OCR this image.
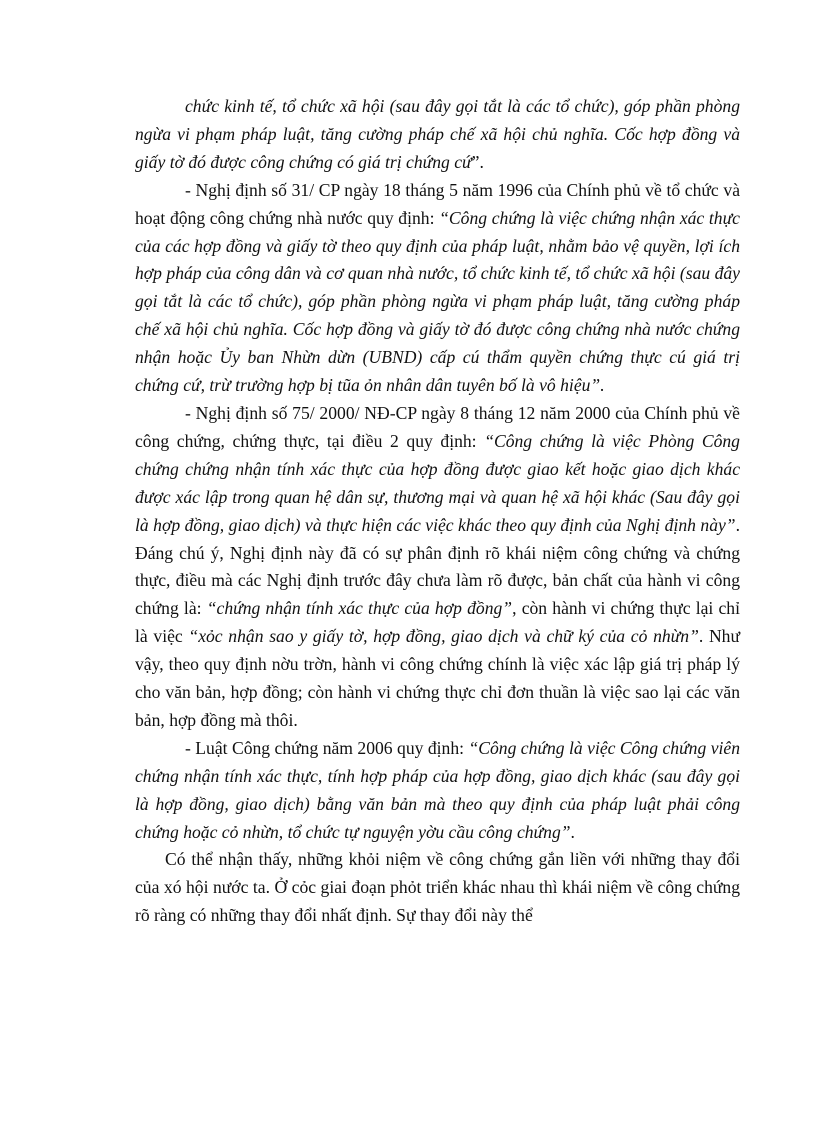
chức kinh tế, tổ chức xã hội (sau đây gọi tắt là các tổ chức), góp phần phòng ngừa vi phạm pháp luật, tăng cường pháp chế xã hội chủ nghĩa. Cốc hợp đồng và giấy tờ đó được công chứng có giá trị chứng cứ”.

- Nghị định số 31/ CP ngày 18 tháng 5 năm 1996 của Chính phủ về tổ chức và hoạt động công chứng nhà nước quy định: “Công chứng là việc chứng nhận xác thực của các hợp đồng và giấy tờ theo quy định của pháp luật, nhằm bảo vệ quyền, lợi ích hợp pháp của công dân và cơ quan nhà nước, tổ chức kinh tế, tổ chức xã hội (sau đây gọi tắt là các tổ chức), góp phần phòng ngừa vi phạm pháp luật, tăng cường pháp chế xã hội chủ nghĩa. Cốc hợp đồng và giấy tờ đó được công chứng nhà nước chứng nhận hoặc Ủy ban Nhừn dừn (UBND) cấp cú thẩm quyền chứng thực cú giá trị chứng cứ, trừ trường hợp bị tũa ỏn nhân dân tuyên bố là vô hiệu”.

- Nghị định số 75/ 2000/ NĐ-CP ngày 8 tháng 12 năm 2000 của Chính phủ về công chứng, chứng thực, tại điều 2 quy định: “Công chứng là việc Phòng Công chứng chứng nhận tính xác thực của hợp đồng được giao kết hoặc giao dịch khác được xác lập trong quan hệ dân sự, thương mại và quan hệ xã hội khác (Sau đây gọi là hợp đồng, giao dịch) và thực hiện các việc khác theo quy định của Nghị định này”. Đáng chú ý, Nghị định này đã có sự phân định rõ khái niệm công chứng và chứng thực, điều mà các Nghị định trước đây chưa làm rõ được, bản chất của hành vi công chứng là: “chứng nhận tính xác thực của hợp đồng”, còn hành vi chứng thực lại chỉ là việc “xỏc nhận sao y giấy tờ, hợp đồng, giao dịch và chữ ký của cỏ nhừn”. Như vậy, theo quy định nờu trờn, hành vi công chứng chính là việc xác lập giá trị pháp lý cho văn bản, hợp đồng; còn hành vi chứng thực chỉ đơn thuần là việc sao lại các văn bản, hợp đồng mà thôi.

- Luật Công chứng năm 2006 quy định: “Công chứng là việc Công chứng viên chứng nhận tính xác thực, tính hợp pháp của hợp đồng, giao dịch khác (sau đây gọi là hợp đồng, giao dịch) bằng văn bản mà theo quy định của pháp luật phải công chứng hoặc cỏ nhừn, tổ chức tự nguyện yờu cầu công chứng”.

Có thể nhận thấy, những khỏi niệm về công chứng gắn liền với những thay đổi của xó hội nước ta. Ở cỏc giai đoạn phỏt triển khác nhau thì khái niệm về công chứng rõ ràng có những thay đổi nhất định. Sự thay đổi này thể
